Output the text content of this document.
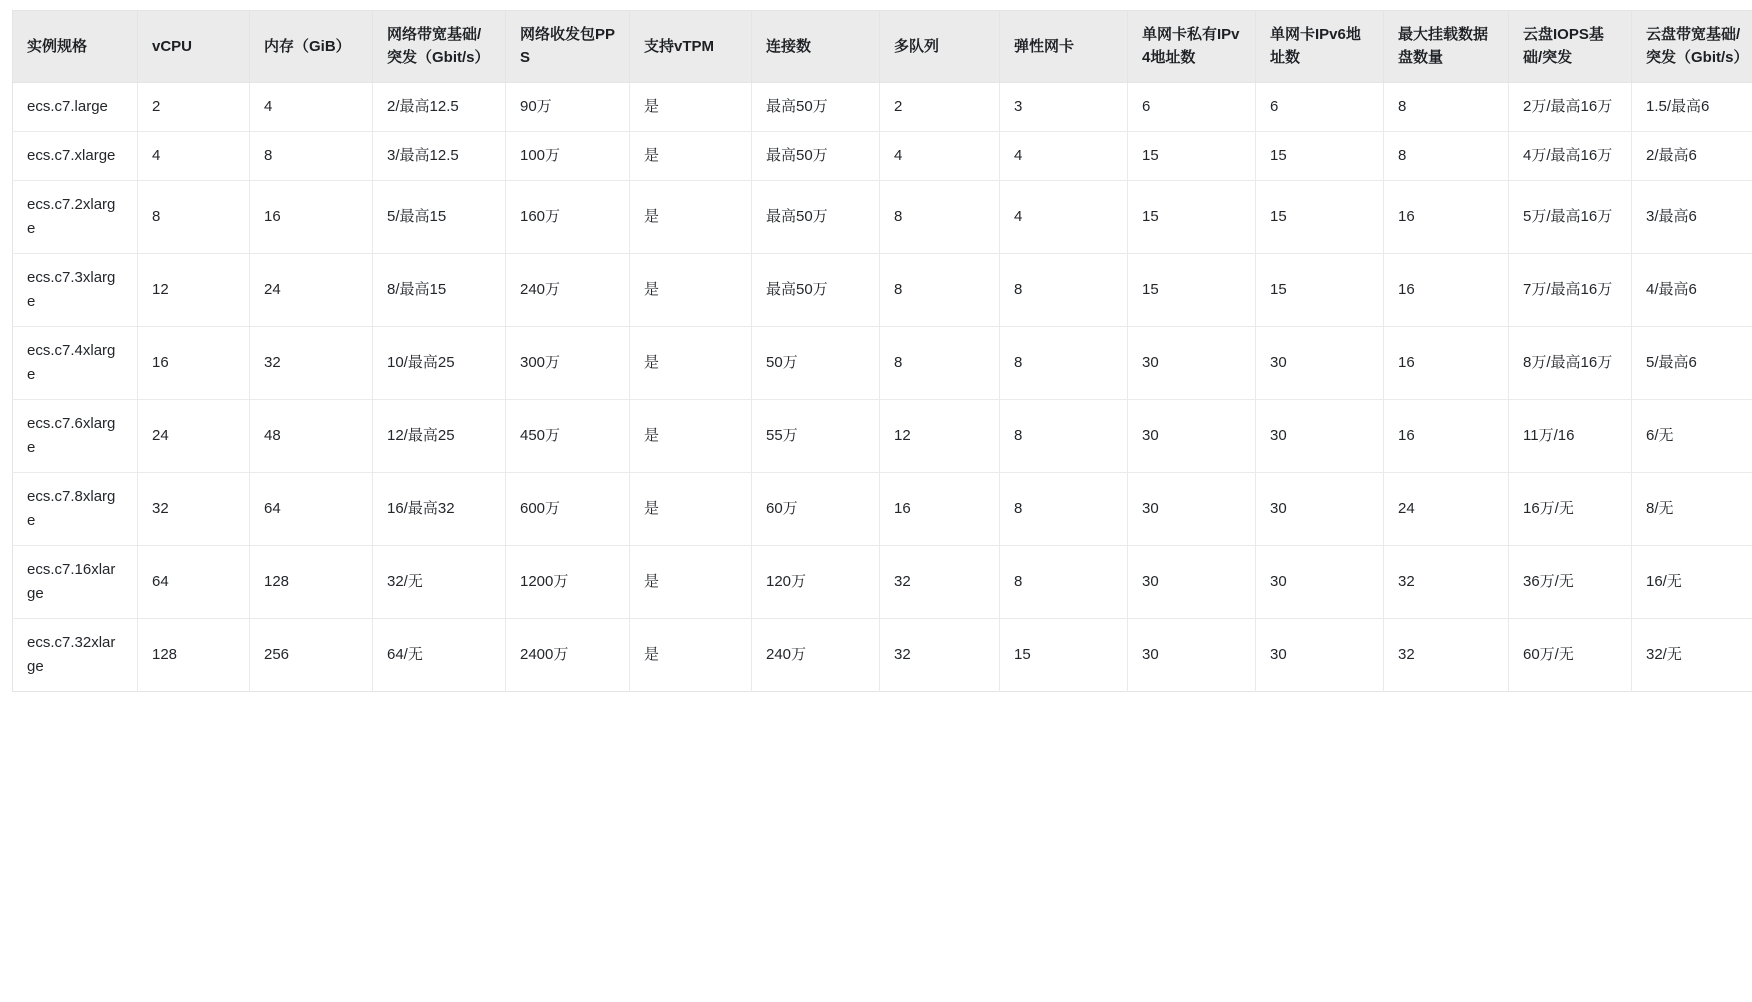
实例规格	vCPU	内存（GiB）	网络带宽基础/突发（Gbit/s）	网络收发包PPS	支持vTPM	连接数	多队列	弹性网卡	单网卡私有IPv4地址数	单网卡IPv6地址数	最大挂载数据盘数量	云盘IOPS基础/突发	云盘带宽基础/突发（Gbit/s）
ecs.c7.large	2	4	2/最高12.5	90万	是	最高50万	2	3	6	6	8	2万/最高16万	1.5/最高6
ecs.c7.xlarge	4	8	3/最高12.5	100万	是	最高50万	4	4	15	15	8	4万/最高16万	2/最高6
ecs.c7.2xlarge	8	16	5/最高15	160万	是	最高50万	8	4	15	15	16	5万/最高16万	3/最高6
ecs.c7.3xlarge	12	24	8/最高15	240万	是	最高50万	8	8	15	15	16	7万/最高16万	4/最高6
ecs.c7.4xlarge	16	32	10/最高25	300万	是	50万	8	8	30	30	16	8万/最高16万	5/最高6
ecs.c7.6xlarge	24	48	12/最高25	450万	是	55万	12	8	30	30	16	11万/16	6/无
ecs.c7.8xlarge	32	64	16/最高32	600万	是	60万	16	8	30	30	24	16万/无	8/无
ecs.c7.16xlarge	64	128	32/无	1200万	是	120万	32	8	30	30	32	36万/无	16/无
ecs.c7.32xlarge	128	256	64/无	2400万	是	240万	32	15	30	30	32	60万/无	32/无
